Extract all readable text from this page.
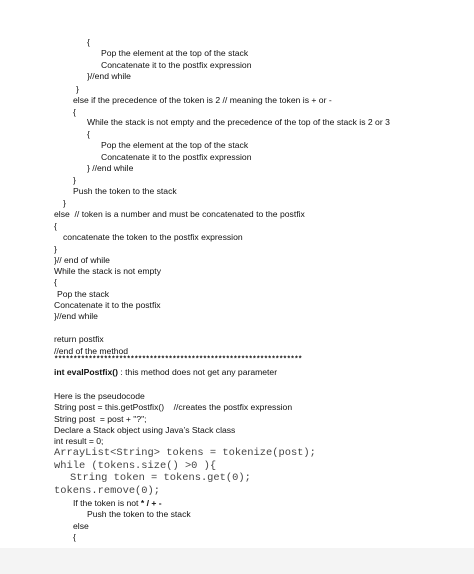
{
Pop the element at the top of the stack
Concatenate it to the postfix expression
}//end while
}
else if the precedence of the token is 2 // meaning the token is + or -
{
While the stack is not empty and the precedence of the top of the stack is 2 or 3
{
Pop the element at the top of the stack
Concatenate it to the postfix expression
} //end while
}
Push the token to the stack
}
else  // token is a number and must be concatenated to the postfix
{
concatenate the token to the postfix expression
}
}// end of while
While the stack is not empty
{
Pop the stack
Concatenate it to the postfix
}//end while
return postfix
//end of the method
*****************************************************************
int evalPostfix() : this method does not get any parameter
Here is the pseudocode
String post = this.getPostfix()    //creates the postfix expression
String post  = post + "?";
Declare a Stack object using Java’s Stack class
int result = 0;
ArrayList<String> tokens = tokenize(post);
while (tokens.size() >0 ){
String token = tokens.get(0);
tokens.remove(0);
If the token is not * / + -
Push the token to the stack
else
{
